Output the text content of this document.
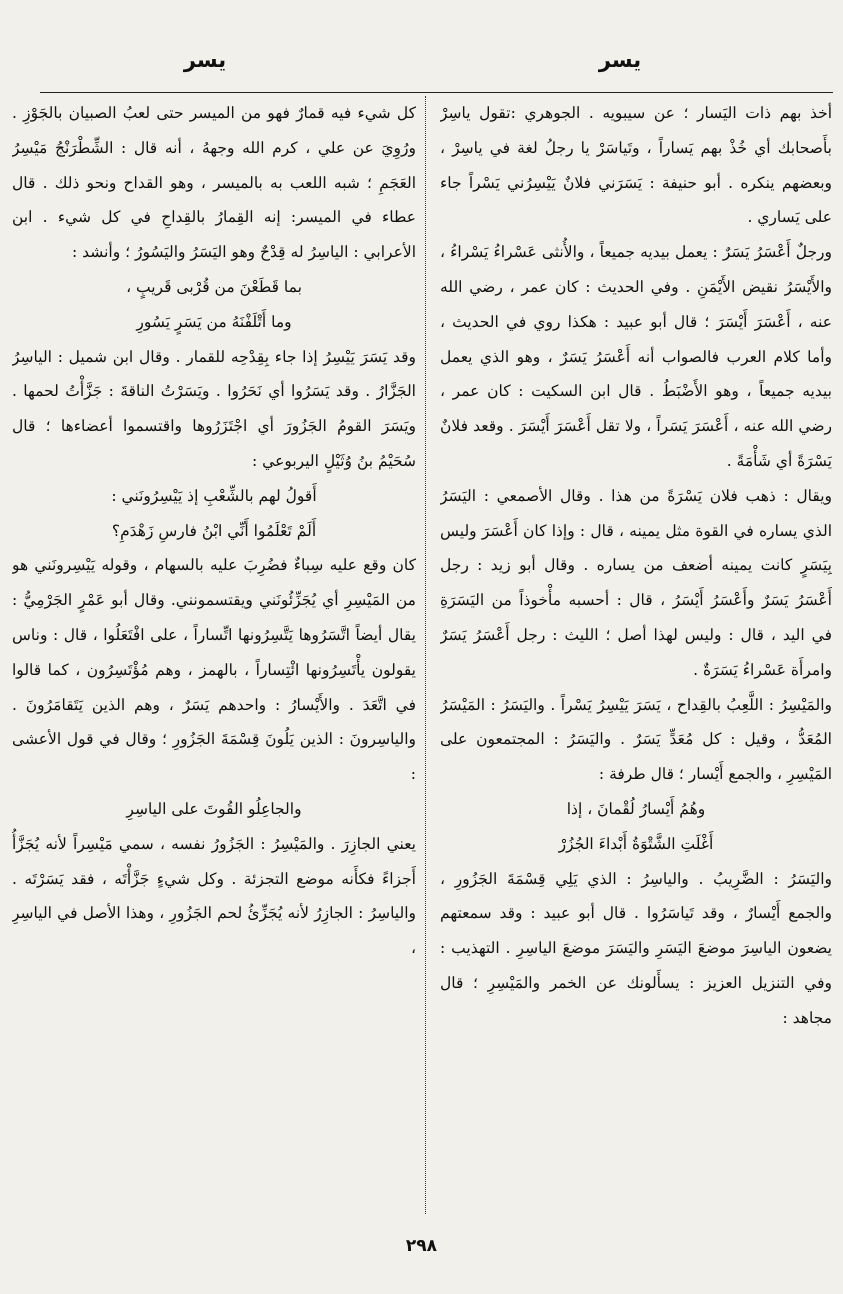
يسر
يسر

أخذ بهم ذات اليَسار ؛ عن سيبويه . الجوهري :تقول ياسِرْ بأَصحابك أي خُذْ بهم يَساراً ، وتَياسَرْ يا رجلُ لغة في ياسِرْ ، وبعضهم ينكره . أبو حنيفة : يَسَرَني فلانٌ يَيْسِرُني يَسْراً جاء على يَساري .

ورجلٌ أَعْسَرُ يَسَرٌ : يعمل بيديه جميعاً ، والأُنثى عَسْراءُ يَسْراءُ ، والأَيْسَرُ نقيض الأَيْمَنِ . وفي الحديث : كان عمر ، رضي الله عنه ، أَعْسَرَ أَيْسَرَ ؛ قال أبو عبيد : هكذا روي في الحديث ، وأما كلام العرب فالصواب أنه أَعْسَرُ يَسَرٌ ، وهو الذي يعمل بيديه جميعاً ، وهو الأَضْبَطُ . قال ابن السكيت : كان عمر ، رضي الله عنه ، أَعْسَرَ يَسَراً ، ولا تقل أَعْسَرَ أَيْسَرَ . وقعد فلانٌ يَسْرَةً أي شَأْمَةً .

ويقال : ذهب فلان يَسْرَةً من هذا . وقال الأصمعي : اليَسَرُ الذي يساره في القوة مثل يمينه ، قال : وإذا كان أَعْسَرَ وليس بِيَسَرٍ كانت يمينه أضعف من يساره . وقال أبو زيد : رجل أَعْسَرُ يَسَرٌ وأَعْسَرُ أَيْسَرُ ، قال : أحسبه مأْخوذاً من اليَسَرَةِ في اليد ، قال : وليس لهذا أصل ؛ الليث : رجل أَعْسَرُ يَسَرٌ وامرأَة عَسْراءُ يَسَرَةٌ .

والمَيْسِرُ : اللَّعِبُ بالقِداح ، يَسَرَ يَيْسِرُ يَسْراً . واليَسَرُ : المَيْسَرُ المُعَدُّ ، وقيل : كل مُعَدٍّ يَسَرٌ . واليَسَرُ : المجتمعون على المَيْسِرِ ، والجمع أَيْسار ؛ قال طرفة :

وهُمُ أَيْسارُ لُقْمانَ ، إذا
أَغْلَتِ الشَّتْوَةُ أَبْداءَ الجُزُرْ

واليَسَرُ : الضَّرِيبُ . والياسِرُ : الذي يَلِي قِسْمَةَ الجَزُورِ ، والجمع أَيْسارٌ ، وقد تَياسَرُوا . قال أبو عبيد : وقد سمعتهم يضعون الياسِرَ موضعَ اليَسَرِ واليَسَرَ موضعَ الياسِرِ . التهذيب : وفي التنزيل العزيز : يسأَلونك عن الخمر والمَيْسِرِ ؛ قال مجاهد :

كل شيء فيه قمارٌ فهو من الميسر حتى لعبُ الصبيان بالجَوْزِ . ورُوِيَ عن علي ، كرم الله وجههُ ، أنه قال : الشِّطْرَنْجُ مَيْسِرُ العَجَمِ ؛ شبه اللعب به بالميسر ، وهو القداح ونحو ذلك . قال عطاء في الميسر: إنه القِمارُ بالقِداحِ في كل شيء . ابن الأعرابي : الياسِرُ له قِدْحٌ وهو اليَسَرُ واليَسُورُ ؛ وأنشد :

بما قَطَعْنَ من قُرْبى قَريبٍ ،
وما أَتْلَفْنَهُ من يَسَرٍ يَسُورِ

وقد يَسَرَ يَيْسِرُ إذا جاء بِقِدْحِه للقمار . وقال ابن شميل : الياسِرُ الجَزَّارُ . وقد يَسَرُوا أي نَحَرُوا . ويَسَرْتُ الناقةَ : جَزَّأْتُ لحمها . ويَسَرَ القومُ الجَزُورَ أي اجْتَزَرُوها واقتسموا أعضاءها ؛ قال سُحَيْمُ بنُ وُثَيْلٍ اليربوعي :

أَقولُ لهم بالشِّعْبِ إذ يَيْسِرُونَني :
أَلَمْ تَعْلَمُوا أَنِّي ابْنُ فارسِ زَهْدَمِ؟

كان وقع عليه سِباءٌ فضُرِبَ عليه بالسهام ، وقوله يَيْسِرونَني هو من المَيْسِرِ أي يُجَزِّئُونَني ويقتسمونني. وقال أبو عَمْرٍ الجَرْمِيُّ : يقال أيضاً اتَّسَرُوها يَتَّسِرُونها اتِّساراً ، على افْتَعَلُوا ، قال : وناس يقولون يأْتَسِرُونها ائْتِساراً ، بالهمز ، وهم مُؤْتَسِرُون ، كما قالوا في اتَّعَدَ . والأَيْسارُ : واحدهم يَسَرٌ ، وهم الذين يَتَقامَرُونَ . والياسِرونَ : الذين يَلُونَ قِسْمَةَ الجَزُورِ ؛ وقال في قول الأعشى :

والجاعِلُو القُوتَ على الياسِرِ

يعني الجازِرَ . والمَيْسِرُ : الجَزُورُ نفسه ، سمي مَيْسِراً لأنه يُجَزَّأُ أَجزاءً فكأَنه موضع التجزئة . وكل شيءٍ جَزَّأْتَه ، فقد يَسَرْتَه . والياسِرُ : الجازِرُ لأنه يُجَزِّئُ لحم الجَزُورِ ، وهذا الأصل في الياسِرِ ،

٢٩٨
